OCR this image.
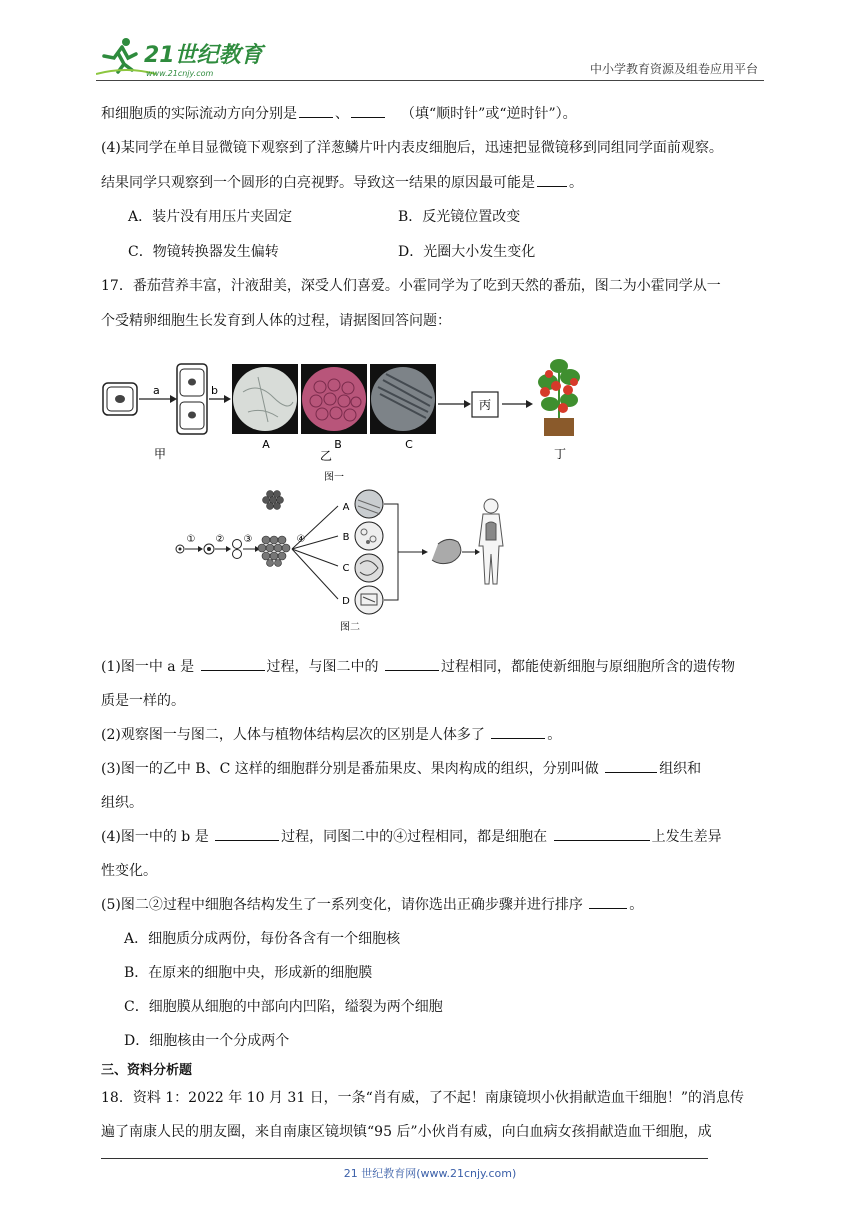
21世纪教育
www.21cnjy.com	中小学教育资源及组卷应用平台
和细胞质的实际流动方向分别是	、	（填“顺时针”或“逆时针”）。
(4)某同学在单目显微镜下观察到了洋葱鳞片叶内表皮细胞后，迅速把显微镜移到同组同学面前观察。
结果同学只观察到一个圆形的白亮视野。导致这一结果的原因最可能是 。
A．装片没有用压片夹固定	B．反光镜位置改变
C．物镜转换器发生偏转	D．光圈大小发生变化
17．番茄营养丰富，汁液甜美，深受人们喜爱。小霍同学为了吃到天然的番茄，图二为小霍同学从一
个受精卵细胞生长发育到人体的过程，请据图回答问题：
a	b
丙
甲
A	B
乙
C
丁
图一
① ② ③	④
A
B
C
D
图二
(1)图一中 a 是	过程，与图二中的	过程相同，都能使新细胞与原细胞所含的遗传物
质是一样的。
(2)观察图一与图二，人体与植物体结构层次的区别是人体多了	。
(3)图一的乙中 B、C 这样的细胞群分别是番茄果皮、果肉构成的组织，分别叫做	组织和
组织。
(4)图一中的 b 是	过程，同图二中的④过程相同，都是细胞在	上发生差异
性变化。
(5)图二②过程中细胞各结构发生了一系列变化，请你选出正确步骤并进行排序	。
A．细胞质分成两份，每份各含有一个细胞核
B．在原来的细胞中央，形成新的细胞膜
C．细胞膜从细胞的中部向内凹陷，缢裂为两个细胞
D．细胞核由一个分成两个
三、资料分析题
18．资料 1：2022 年 10 月 31 日，一条“肖有威，了不起！南康镜坝小伙捐献造血干细胞！”的消息传
遍了南康人民的朋友圈，来自南康区镜坝镇“95 后”小伙肖有威，向白血病女孩捐献造血干细胞，成
21 世纪教育网(www.21cnjy.com)
